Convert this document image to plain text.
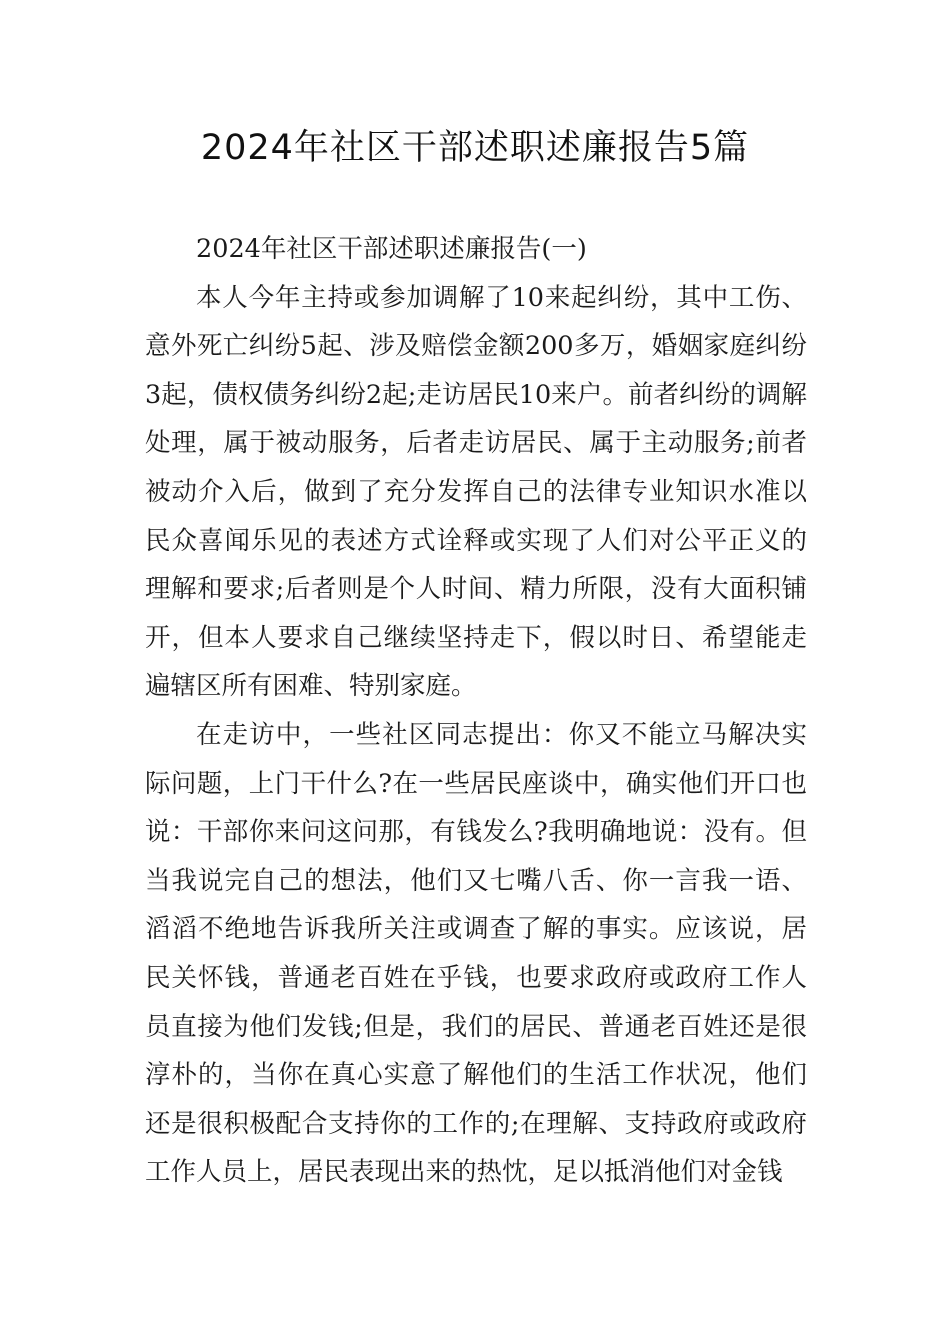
2024年社区干部述职述廉报告5篇

2024年社区干部述职述廉报告(一)

本人今年主持或参加调解了10来起纠纷，其中工伤、意外死亡纠纷5起、涉及赔偿金额200多万，婚姻家庭纠纷3起，债权债务纠纷2起;走访居民10来户。前者纠纷的调解处理，属于被动服务，后者走访居民、属于主动服务;前者被动介入后，做到了充分发挥自己的法律专业知识水准以民众喜闻乐见的表述方式诠释或实现了人们对公平正义的理解和要求;后者则是个人时间、精力所限，没有大面积铺开，但本人要求自己继续坚持走下，假以时日、希望能走遍辖区所有困难、特别家庭。

在走访中，一些社区同志提出：你又不能立马解决实际问题，上门干什么?在一些居民座谈中，确实他们开口也说：干部你来问这问那，有钱发么?我明确地说：没有。但当我说完自己的想法，他们又七嘴八舌、你一言我一语、滔滔不绝地告诉我所关注或调查了解的事实。应该说，居民关怀钱，普通老百姓在乎钱，也要求政府或政府工作人员直接为他们发钱;但是，我们的居民、普通老百姓还是很淳朴的，当你在真心实意了解他们的生活工作状况，他们还是很积极配合支持你的工作的;在理解、支持政府或政府工作人员上，居民表现出来的热忱，足以抵消他们对金钱
